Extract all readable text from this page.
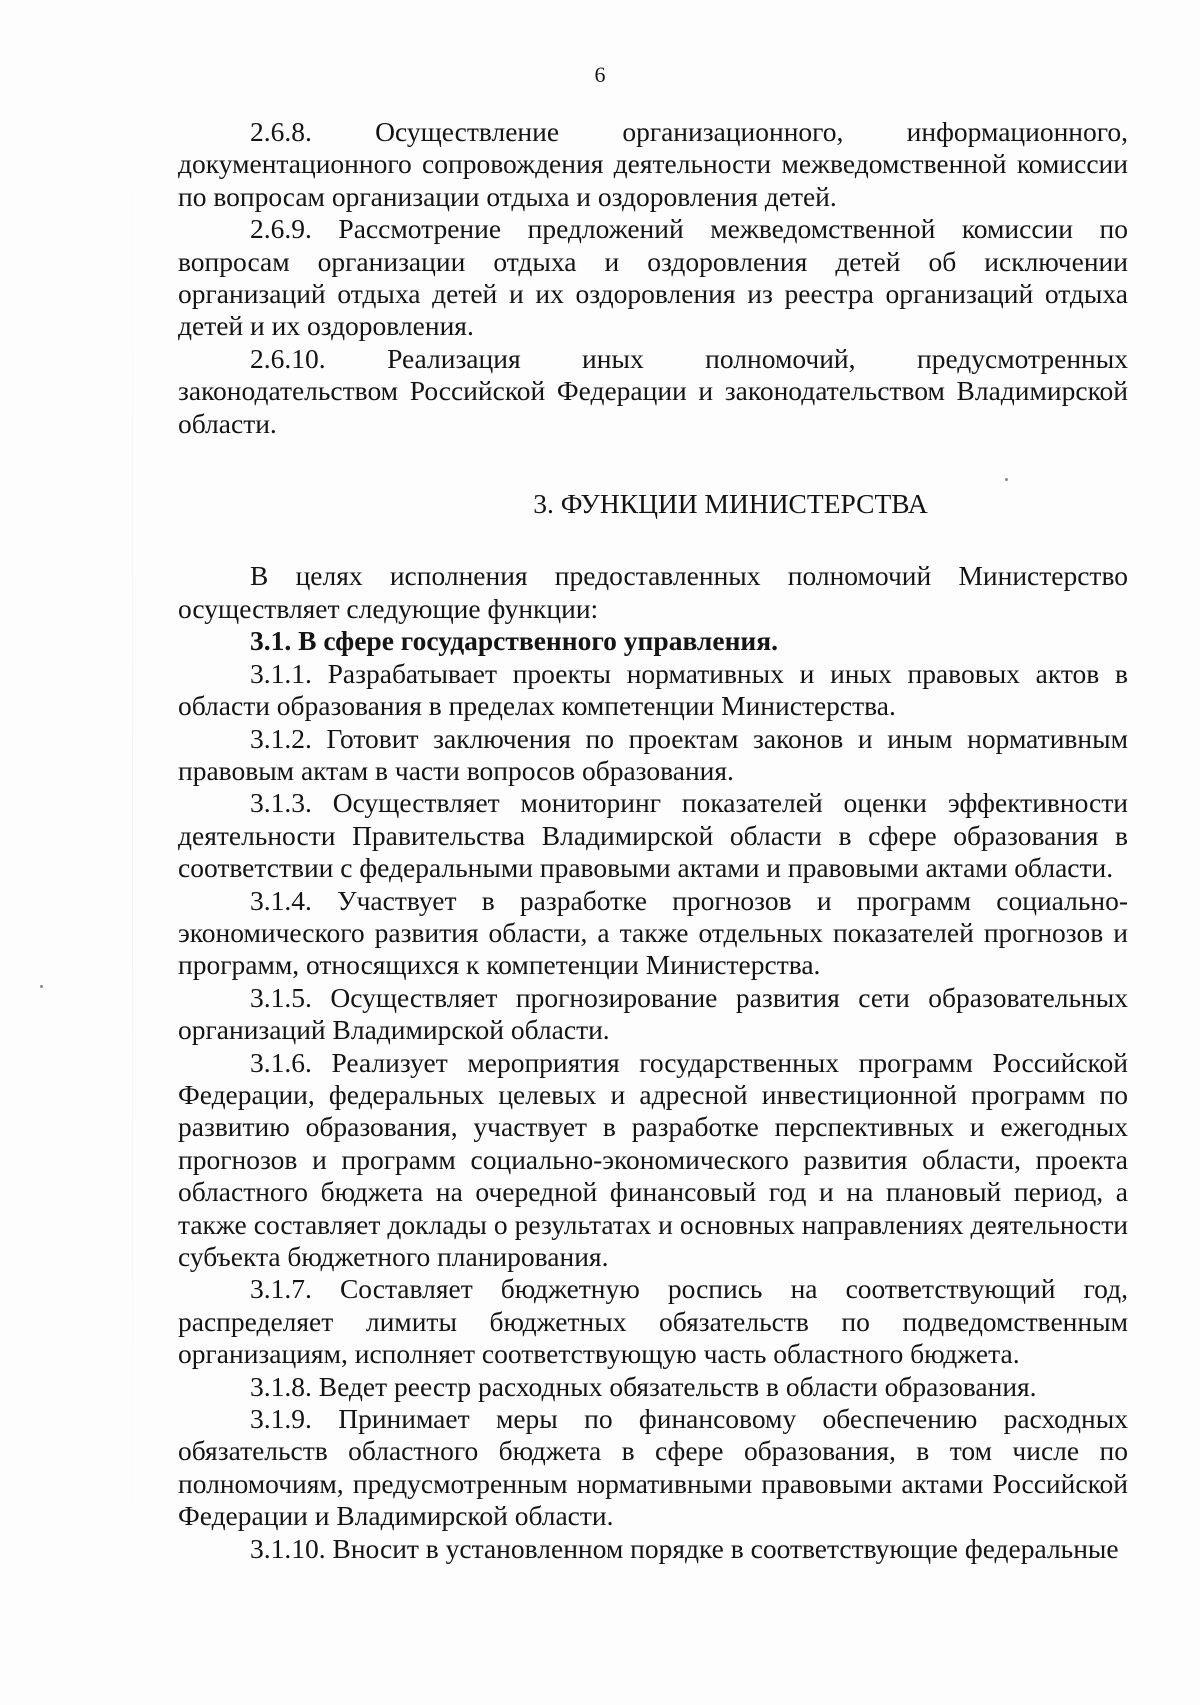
6

2.6.8. Осуществление организационного, информационного, документационного сопровождения деятельности межведомственной комиссии по вопросам организации отдыха и оздоровления детей.

2.6.9. Рассмотрение предложений межведомственной комиссии по вопросам организации отдыха и оздоровления детей об исключении организаций отдыха детей и их оздоровления из реестра организаций отдыха детей и их оздоровления.

2.6.10. Реализация иных полномочий, предусмотренных законодательством Российской Федерации и законодательством Владимирской области.

3. ФУНКЦИИ МИНИСТЕРСТВА

В целях исполнения предоставленных полномочий Министерство осуществляет следующие функции:

3.1. В сфере государственного управления.

3.1.1. Разрабатывает проекты нормативных и иных правовых актов в области образования в пределах компетенции Министерства.

3.1.2. Готовит заключения по проектам законов и иным нормативным правовым актам в части вопросов образования.

3.1.3. Осуществляет мониторинг показателей оценки эффективности деятельности Правительства Владимирской области в сфере образования в соответствии с федеральными правовыми актами и правовыми актами области.

3.1.4. Участвует в разработке прогнозов и программ социально-экономического развития области, а также отдельных показателей прогнозов и программ, относящихся к компетенции Министерства.

3.1.5. Осуществляет прогнозирование развития сети образовательных организаций Владимирской области.

3.1.6. Реализует мероприятия государственных программ Российской Федерации, федеральных целевых и адресной инвестиционной программ по развитию образования, участвует в разработке перспективных и ежегодных прогнозов и программ социально-экономического развития области, проекта областного бюджета на очередной финансовый год и на плановый период, а также составляет доклады о результатах и основных направлениях деятельности субъекта бюджетного планирования.

3.1.7. Составляет бюджетную роспись на соответствующий год, распределяет лимиты бюджетных обязательств по подведомственным организациям, исполняет соответствующую часть областного бюджета.

3.1.8. Ведет реестр расходных обязательств в области образования.

3.1.9. Принимает меры по финансовому обеспечению расходных обязательств областного бюджета в сфере образования, в том числе по полномочиям, предусмотренным нормативными правовыми актами Российской Федерации и Владимирской области.

3.1.10. Вносит в установленном порядке в соответствующие федеральные
